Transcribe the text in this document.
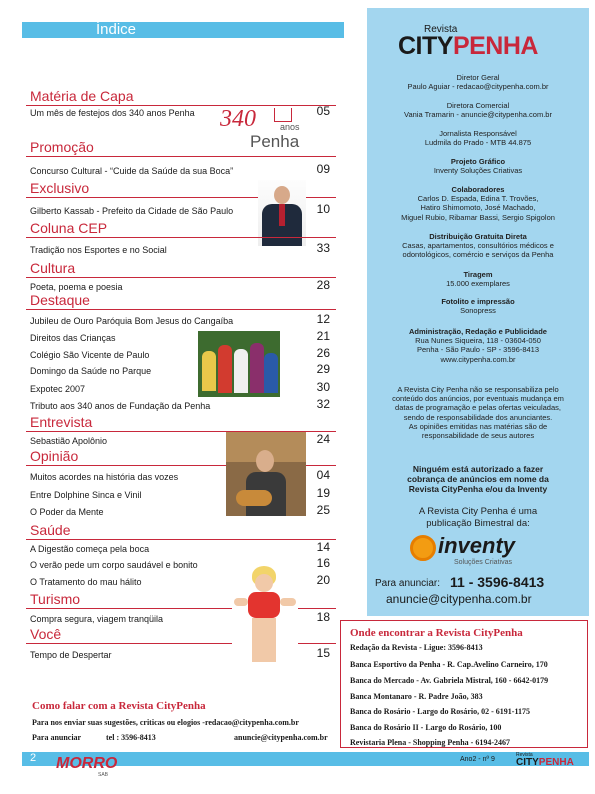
Índice
Matéria de Capa
Um mês de festejos dos 340 anos Penha	05
340	anos
Penha
Promoção
Concurso Cultural - “Cuide da Saúde da sua Boca”	09
Exclusivo
Gilberto Kassab - Prefeito da Cidade de São Paulo	10
Coluna CEP
Tradição nos Esportes e no Social	33
Cultura
Poeta, poema e poesia	28
Destaque
Jubileu de Ouro Paróquia Bom Jesus do Cangaíba	12
Direitos das Crianças	21
Colégio São Vicente de Paulo	26
Domingo da Saúde no Parque	29
Expotec 2007	30
Tributo aos 340 anos de Fundação da Penha	32
Entrevista
Sebastião Apolônio	24
Opinião
Muitos acordes na história das vozes	04
Entre Dolphine Sinca e Vinil	19
O Poder da Mente	25
Saúde
A Digestão começa pela boca	14
O verão pede um corpo saudável e bonito	16
O Tratamento do mau hálito	20
Turismo
Compra segura, viagem tranqüila	18
Você
Tempo de Despertar	15
Revista
CITYPENHA
Diretor Geral
Paulo Aguiar - redacao@citypenha.com.br
Diretora Comercial
Vania Tramarin - anuncie@citypenha.com.br
Jornalista Responsável
Ludmila do Prado - MTB 44.875
Projeto Gráfico
Inventy Soluções Criativas
Colaboradores
Carlos D. Espada, Edina T. Trovões,
Hatiro Shimomoto, José Machado,
Miguel Rubio, Ribamar Bassi, Sergio Spigolon
Distribuição Gratuita Direta
Casas, apartamentos, consultórios médicos e
odontológicos, comércio e serviços da Penha
Tiragem
15.000 exemplares
Fotolito e impressão
Sonopress
Administração, Redação e Publicidade
Rua Nunes Siqueira, 118 - 03604-050
Penha - São Paulo - SP - 3596-8413
www.citypenha.com.br
A Revista City Penha não se responsabiliza pelo
conteúdo dos anúncios, por eventuais mudança em
datas de programação e pelas ofertas veiculadas,
sendo de responsabilidade dos anunciantes.
As opiniões emitidas nas matérias são de
responsabilidade de seus autores
Ninguém está autorizado a fazer
cobrança de anúncios em nome da
Revista CityPenha e/ou da Inventy
A Revista City Penha é uma
publicação Bimestral da:
inventy
Soluções Criativas
Para anunciar: 11 - 3596-8413
anuncie@citypenha.com.br
Onde encontrar a Revista CityPenha
Redação da Revista - Ligue: 3596-8413
Banca Esportivo da Penha - R. Cap.Avelino Carneiro, 170
Banca do Mercado - Av. Gabriela Mistral, 160 - 6642-0179
Banca Montanaro - R. Padre João, 383
Banca do Rosário - Largo do Rosário, 02 - 6191-1175
Banca do Rosário II - Largo do Rosário, 100
Revistaria Plena - Shopping Penha - 6194-2467
Como falar com a Revista CityPenha
Para nos enviar suas sugestões, criticas ou elogios -redacao@citypenha.com.br
Para anunciar	tel : 3596-8413	anuncie@citypenha.com.br
2 MORRO
SAB
Ano2 - nº 9
Revista
CITYPENHA
